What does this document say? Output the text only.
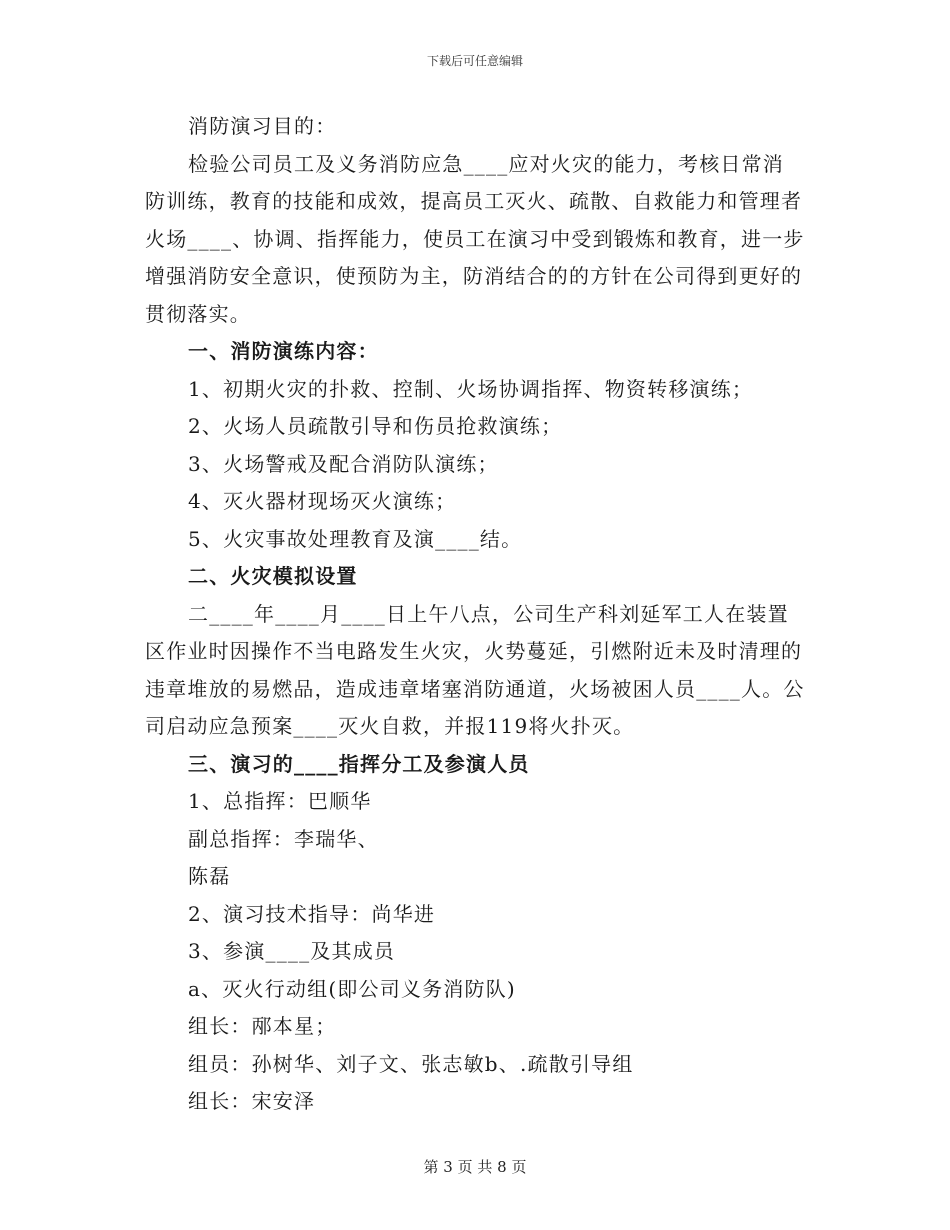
下载后可任意编辑

消防演习目的：

检验公司员工及义务消防应急____应对火灾的能力，考核日常消防训练，教育的技能和成效，提高员工灭火、疏散、自救能力和管理者火场____、协调、指挥能力，使员工在演习中受到锻炼和教育，进一步增强消防安全意识，使预防为主，防消结合的的方针在公司得到更好的贯彻落实。

一、消防演练内容：

1、初期火灾的扑救、控制、火场协调指挥、物资转移演练；

2、火场人员疏散引导和伤员抢救演练；

3、火场警戒及配合消防队演练；

4、灭火器材现场灭火演练；

5、火灾事故处理教育及演____结。

二、火灾模拟设置

二____年____月____日上午八点，公司生产科刘延军工人在装置区作业时因操作不当电路发生火灾，火势蔓延，引燃附近未及时清理的违章堆放的易燃品，造成违章堵塞消防通道，火场被困人员____人。公司启动应急预案____灭火自救，并报119将火扑灭。

三、演习的____指挥分工及参演人员

1、总指挥：巴顺华

副总指挥：李瑞华、

陈磊

2、演习技术指导：尚华进

3、参演____及其成员

a、灭火行动组(即公司义务消防队)

组长：邴本星；

组员：孙树华、刘子文、张志敏b、.疏散引导组

组长：宋安泽

第 3 页 共 8 页
